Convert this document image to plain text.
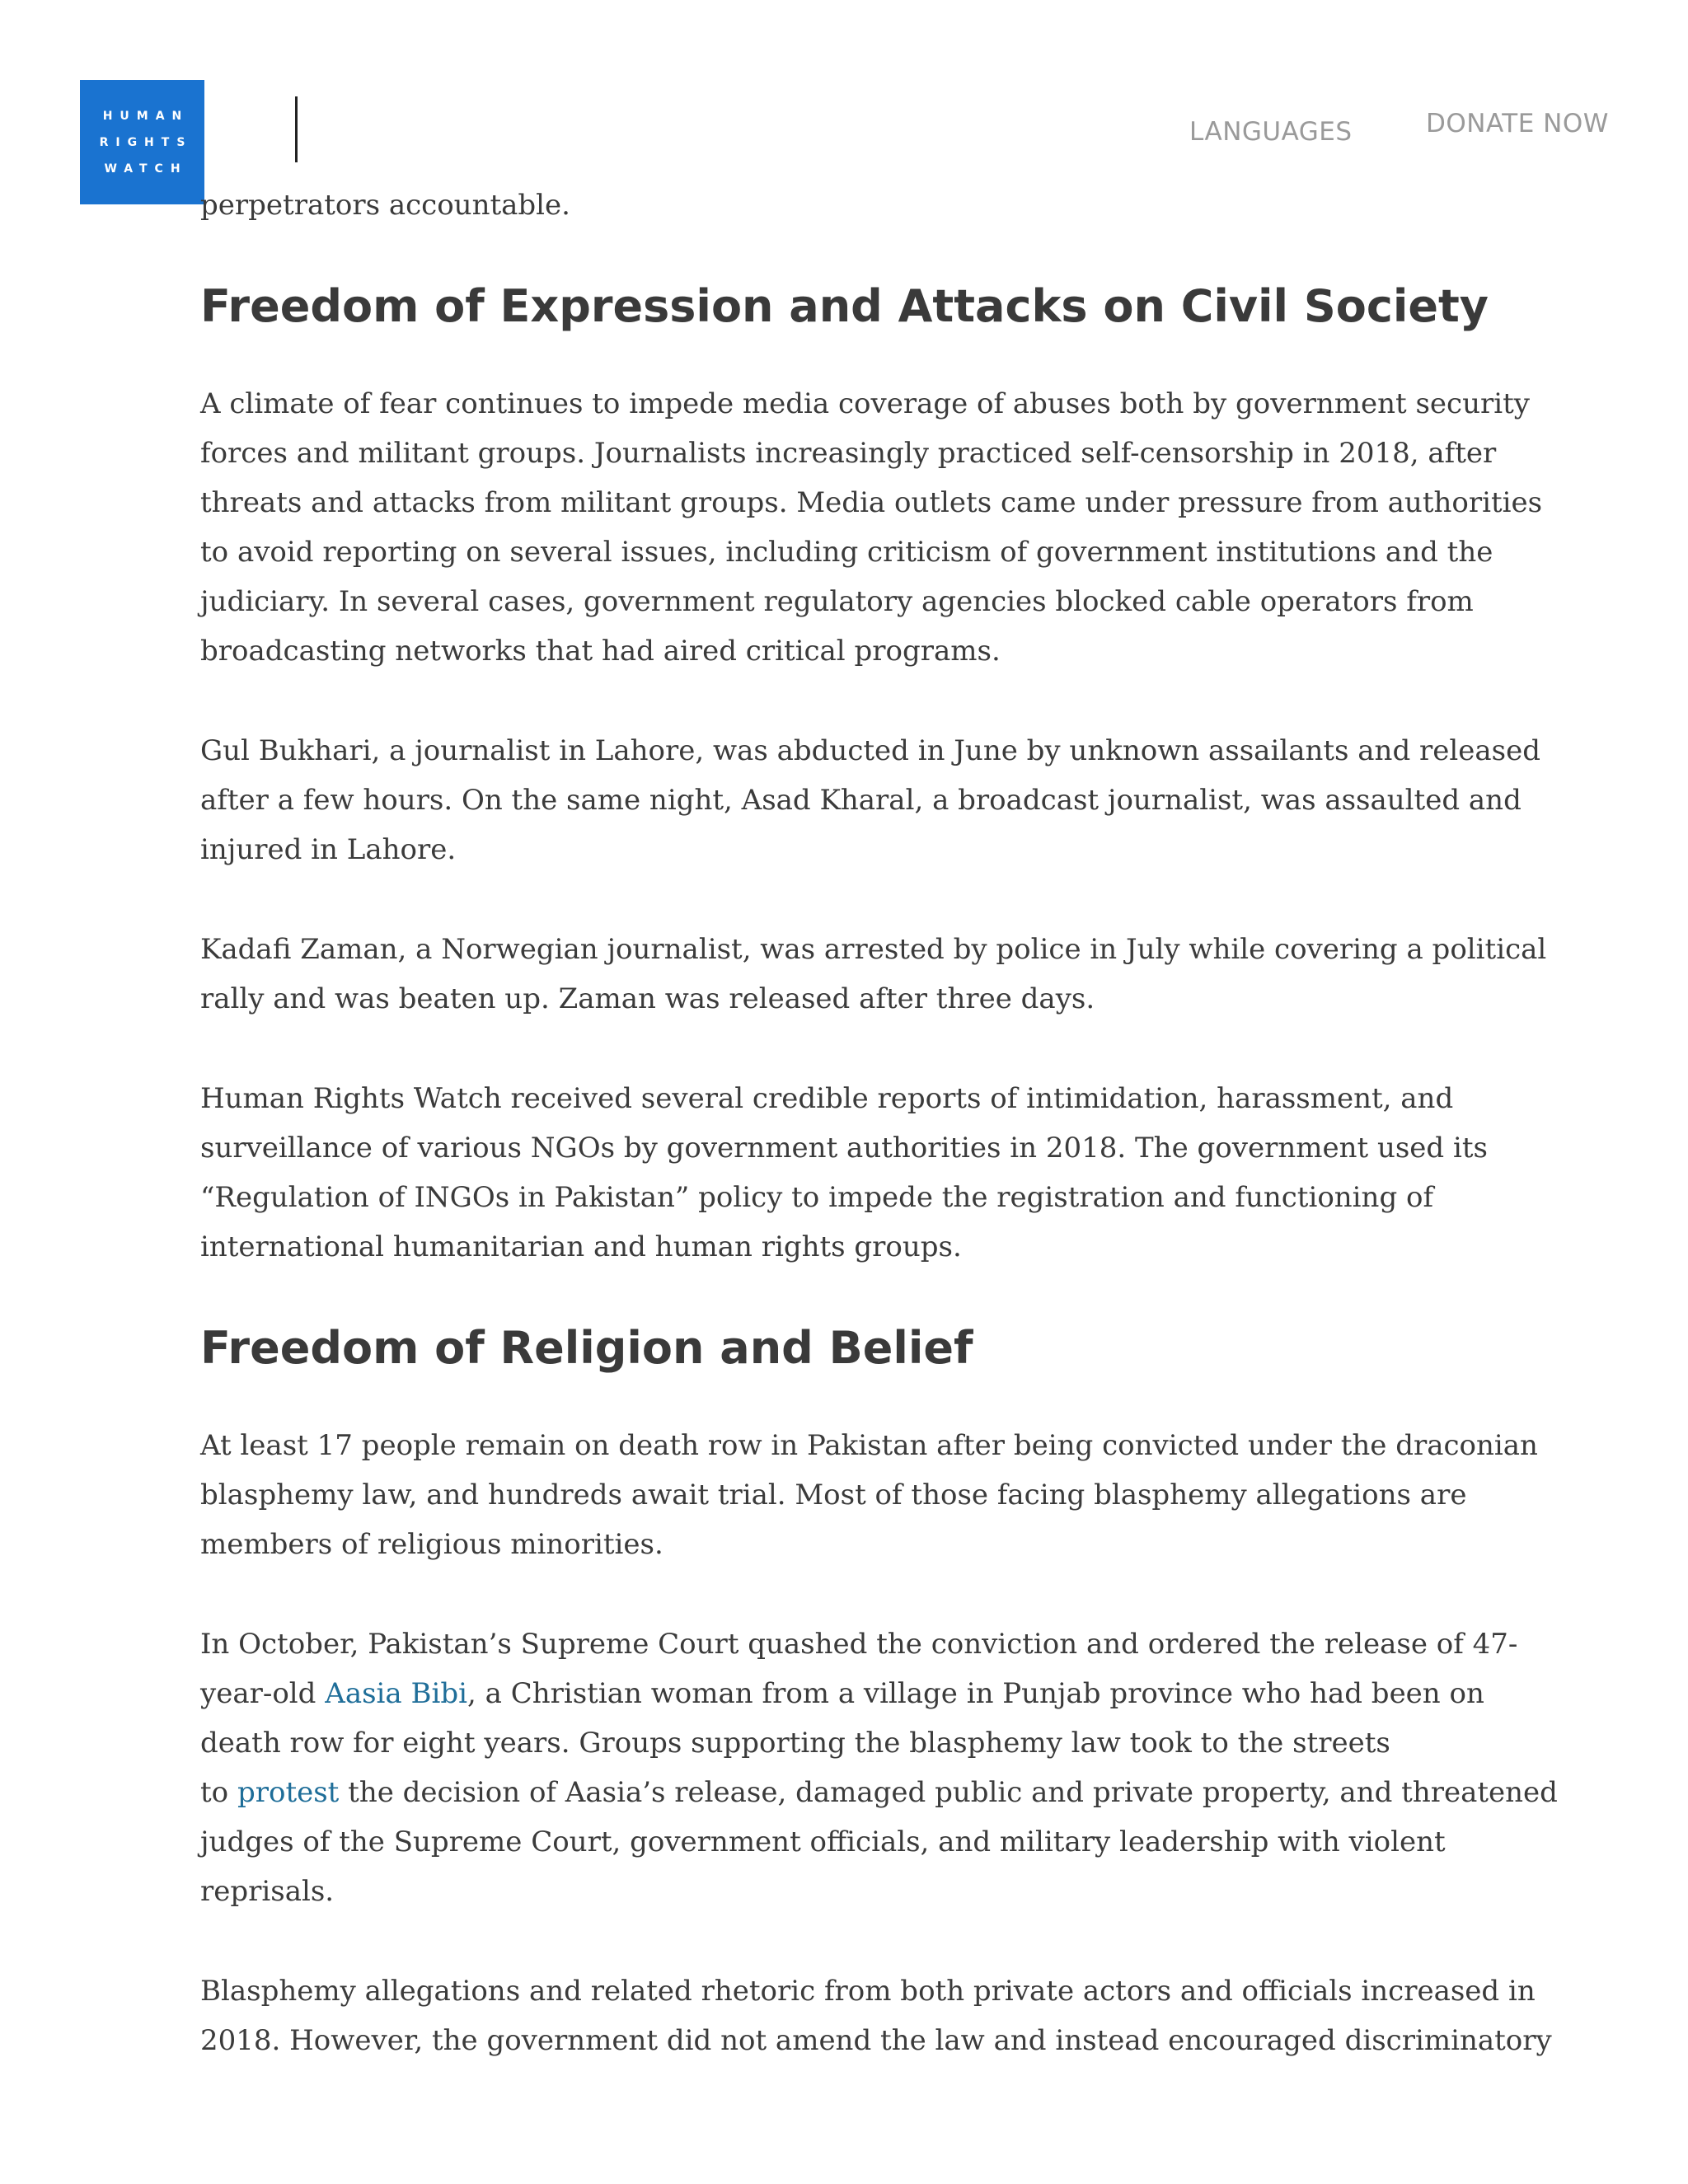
HUMAN
RIGHTS
WATCH
LANGUAGES	DONATE NOW
perpetrators accountable.
Freedom of Expression and Attacks on Civil Society
A climate of fear continues to impede media coverage of abuses both by government security
forces and militant groups. Journalists increasingly practiced self-censorship in 2018, after
threats and attacks from militant groups. Media outlets came under pressure from authorities
to avoid reporting on several issues, including criticism of government institutions and the
judiciary. In several cases, government regulatory agencies blocked cable operators from
broadcasting networks that had aired critical programs.
Gul Bukhari, a journalist in Lahore, was abducted in June by unknown assailants and released
after a few hours. On the same night, Asad Kharal, a broadcast journalist, was assaulted and
injured in Lahore.
Kadafi Zaman, a Norwegian journalist, was arrested by police in July while covering a political
rally and was beaten up. Zaman was released after three days.
Human Rights Watch received several credible reports of intimidation, harassment, and
surveillance of various NGOs by government authorities in 2018. The government used its
“Regulation of INGOs in Pakistan” policy to impede the registration and functioning of
international humanitarian and human rights groups.
Freedom of Religion and Belief
At least 17 people remain on death row in Pakistan after being convicted under the draconian
blasphemy law, and hundreds await trial. Most of those facing blasphemy allegations are
members of religious minorities.
In October, Pakistan’s Supreme Court quashed the conviction and ordered the release of 47-
year-old Aasia Bibi, a Christian woman from a village in Punjab province who had been on
death row for eight years. Groups supporting the blasphemy law took to the streets
to protest the decision of Aasia’s release, damaged public and private property, and threatened
judges of the Supreme Court, government officials, and military leadership with violent
reprisals.
Blasphemy allegations and related rhetoric from both private actors and officials increased in
2018. However, the government did not amend the law and instead encouraged discriminatory
